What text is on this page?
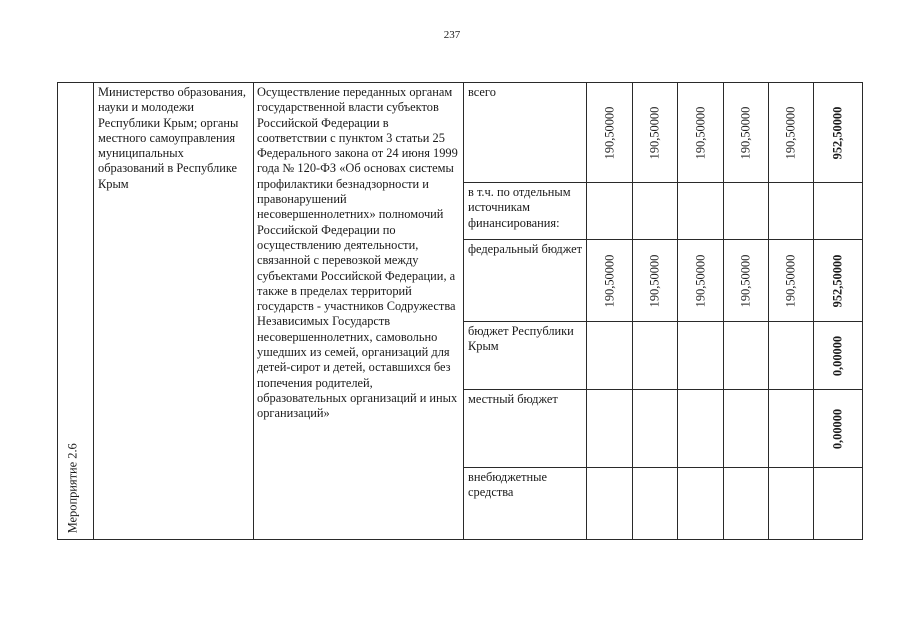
237
Мероприятие 2.6	Министерство образования, науки и молодежи Республики Крым; органы местного самоуправления муниципальных образований в Республике Крым	Осуществление переданных органам государственной власти субъектов Российской Федерации в соответствии с пунктом 3 статьи 25 Федерального закона от 24 июня 1999 года № 120-ФЗ «Об основах системы профилактики безнадзорности и правонарушений несовершеннолетних» полномочий Российской Федерации по осуществлению деятельности, связанной с перевозкой между субъектами Российской Федерации, а также в пределах территорий государств - участников Содружества Независимых Государств несовершеннолетних, самовольно ушедших из семей, организаций для детей-сирот и детей, оставшихся без попечения родителей, образовательных организаций и иных организаций»	всего	190,50000	190,50000	190,50000	190,50000	190,50000	952,50000

			в т.ч. по отдельным источникам финансирования:						

			федеральный бюджет	190,50000	190,50000	190,50000	190,50000	190,50000	952,50000

			бюджет Республики Крым						0,00000

			местный бюджет						0,00000

			внебюджетные средства						
